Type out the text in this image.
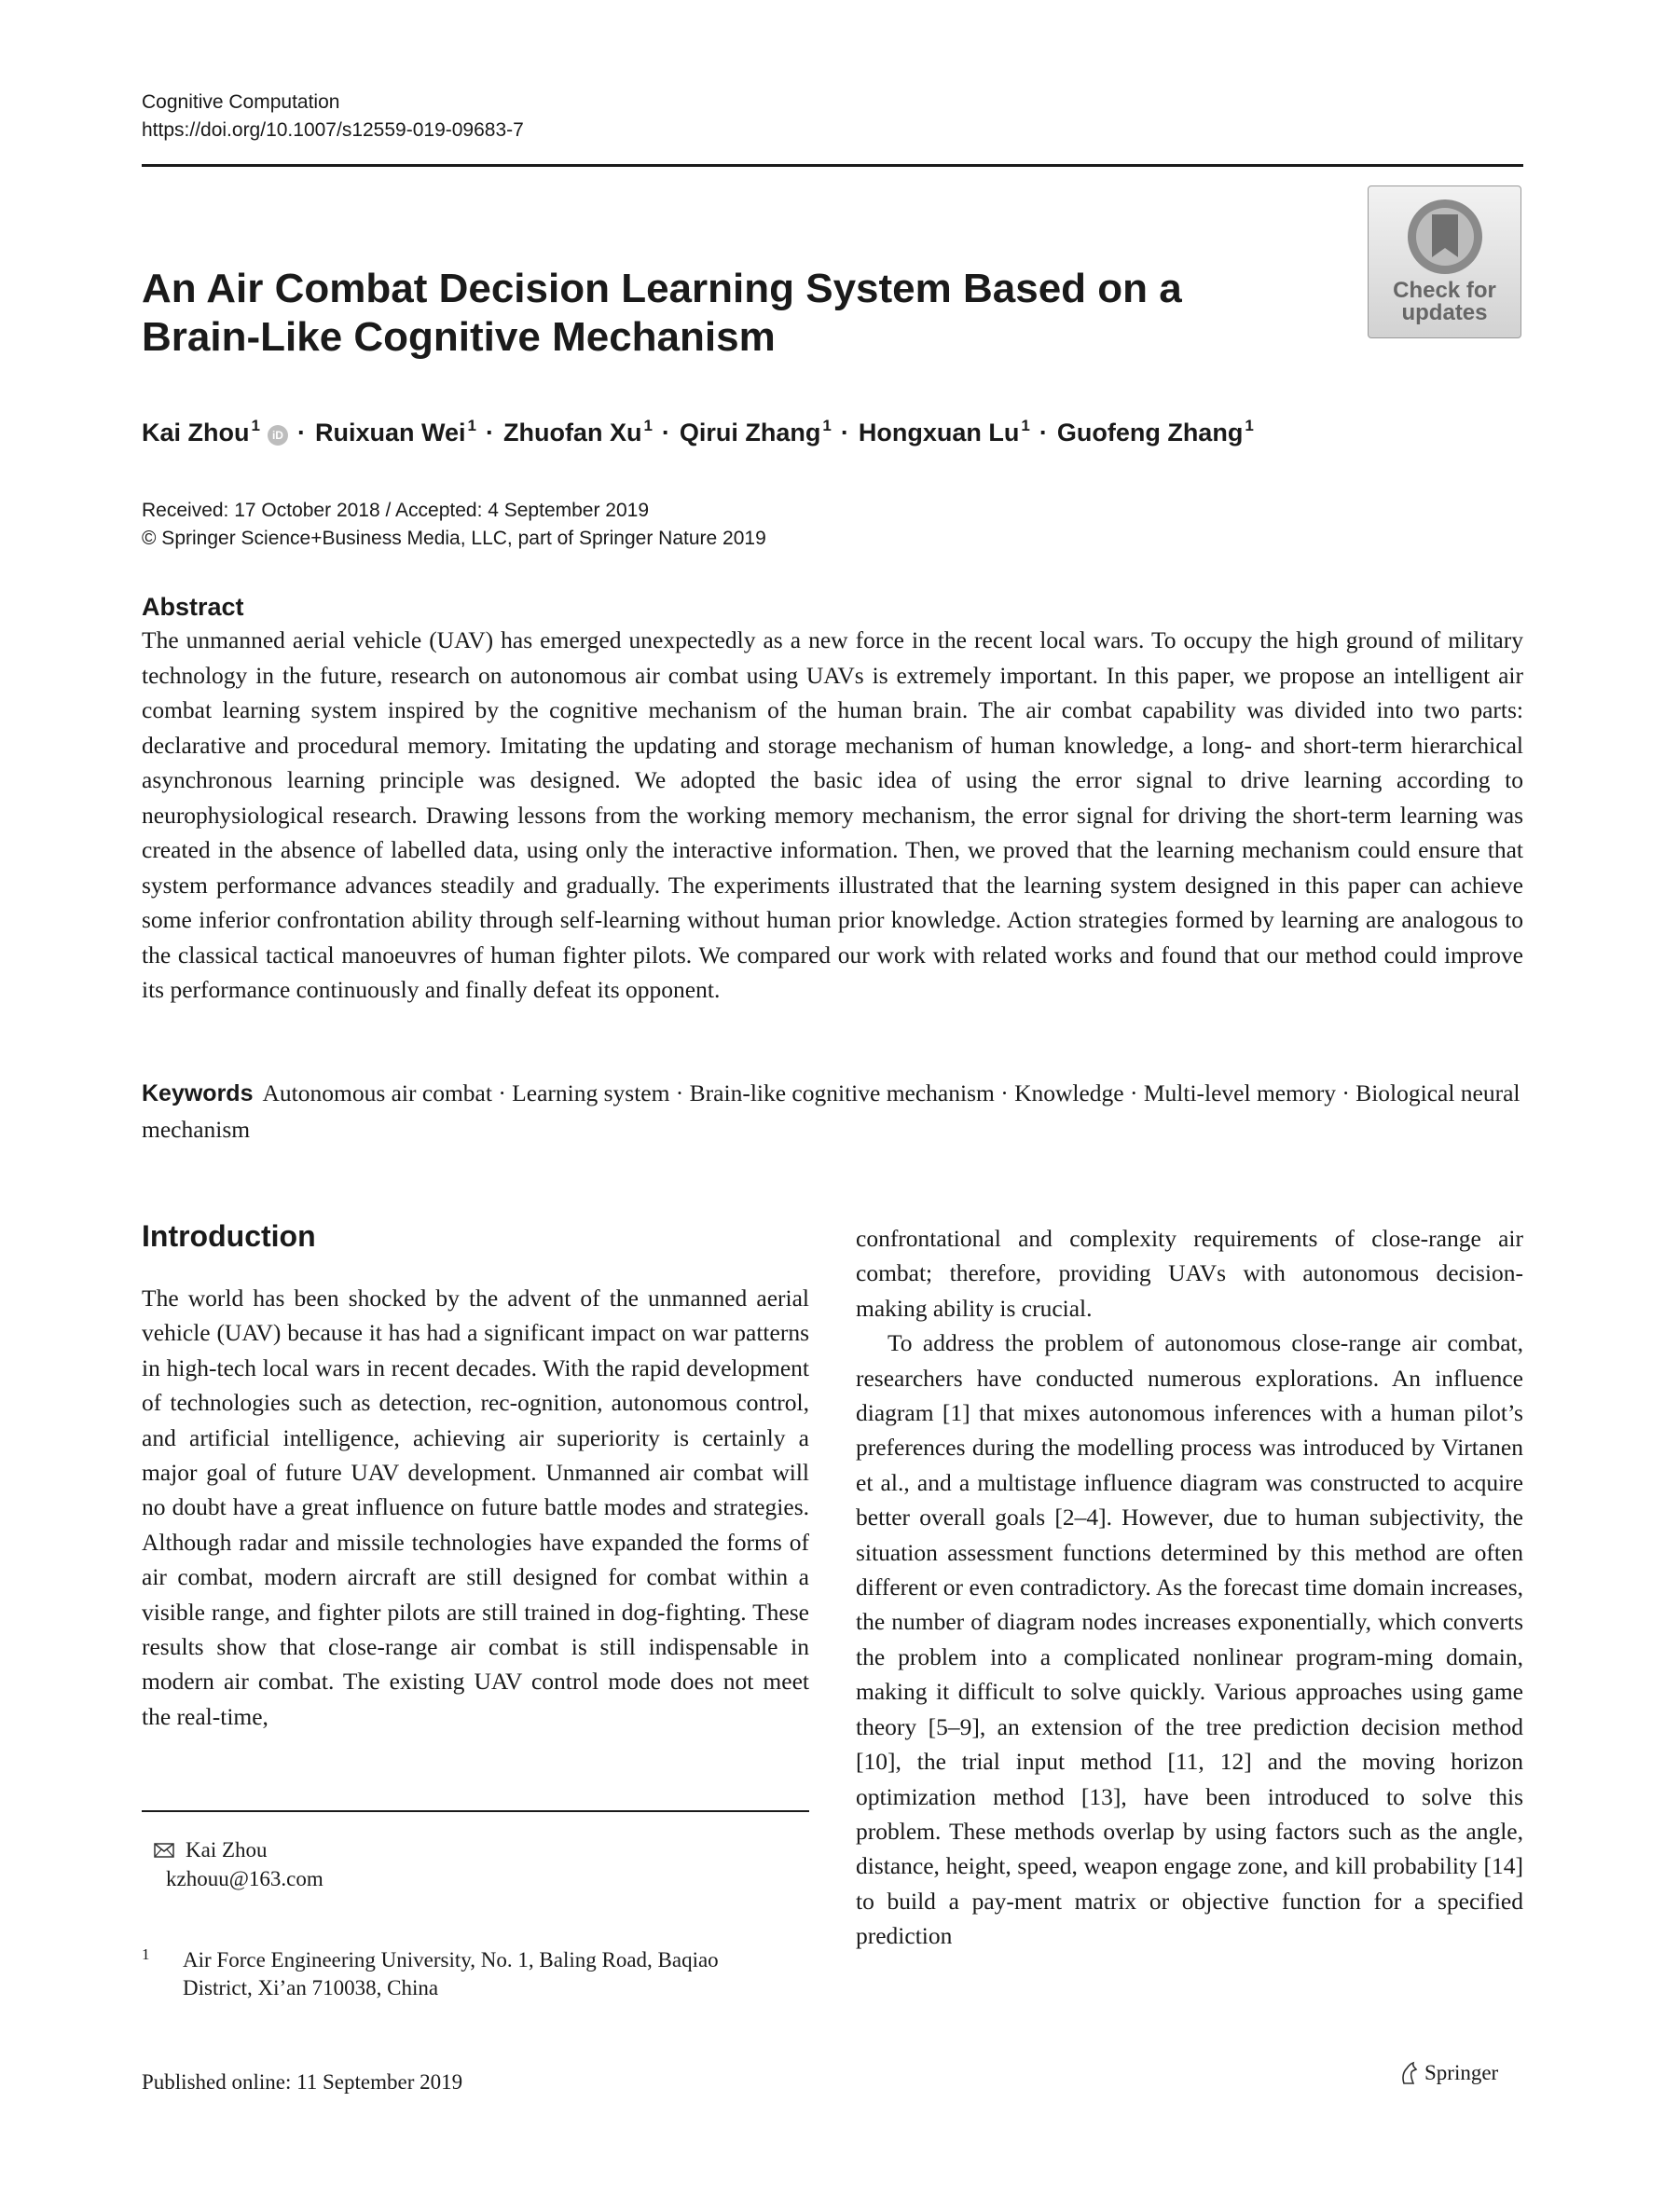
Cognitive Computation
https://doi.org/10.1007/s12559-019-09683-7
Check for
updates
An Air Combat Decision Learning System Based on a Brain-Like Cognitive Mechanism
Kai Zhou $^1$iD · Ruixuan Wei $^1$ · Zhuofan Xu $^1$ · Qirui Zhang $^1$ · Hongxuan Lu $^1$ · Guofeng Zhang $^1$
Received: 17 October 2018 / Accepted: 4 September 2019
© Springer Science+Business Media, LLC, part of Springer Nature 2019
Abstract
The unmanned aerial vehicle (UAV) has emerged unexpectedly as a new force in the recent local wars. To occupy the high ground of military technology in the future, research on autonomous air combat using UAVs is extremely important. In this paper, we propose an intelligent air combat learning system inspired by the cognitive mechanism of the human brain. The air combat capability was divided into two parts: declarative and procedural memory. Imitating the updating and storage mechanism of human knowledge, a long- and short-term hierarchical asynchronous learning principle was designed. We adopted the basic idea of using the error signal to drive learning according to neurophysiological research. Drawing lessons from the working memory mechanism, the error signal for driving the short-term learning was created in the absence of labelled data, using only the interactive information. Then, we proved that the learning mechanism could ensure that system performance advances steadily and gradually. The experiments illustrated that the learning system designed in this paper can achieve some inferior confrontation ability through self-learning without human prior knowledge. Action strategies formed by learning are analogous to the classical tactical manoeuvres of human fighter pilots. We compared our work with related works and found that our method could improve its performance continuously and finally defeat its opponent.
Keywords Autonomous air combat · Learning system · Brain-like cognitive mechanism · Knowledge · Multi-level memory · Biological neural mechanism
Introduction

The world has been shocked by the advent of the unmanned aerial vehicle (UAV) because it has had a significant impact on war patterns in high-tech local wars in recent decades. With the rapid development of technologies such as detection, rec-ognition, autonomous control, and artificial intelligence, achieving air superiority is certainly a major goal of future UAV development. Unmanned air combat will no doubt have a great influence on future battle modes and strategies. Although radar and missile technologies have expanded the forms of air combat, modern aircraft are still designed for combat within a visible range, and fighter pilots are still trained in dog-fighting. These results show that close-range air combat is still indispensable in modern air combat. The existing UAV control mode does not meet the real-time,

confrontational and complexity requirements of close-range air combat; therefore, providing UAVs with autonomous decision-making ability is crucial.

To address the problem of autonomous close-range air combat, researchers have conducted numerous explorations. An influence diagram [1] that mixes autonomous inferences with a human pilot’s preferences during the modelling process was introduced by Virtanen et al., and a multistage influence diagram was constructed to acquire better overall goals [2–4]. However, due to human subjectivity, the situation assessment functions determined by this method are often different or even contradictory. As the forecast time domain increases, the number of diagram nodes increases exponentially, which converts the problem into a complicated nonlinear program-ming domain, making it difficult to solve quickly. Various approaches using game theory [5–9], an extension of the tree prediction decision method [10], the trial input method [11, 12] and the moving horizon optimization method [13], have been introduced to solve this problem. These methods overlap by using factors such as the angle, distance, height, speed, weapon engage zone, and kill probability [14] to build a pay-ment matrix or objective function for a specified prediction

Kai Zhou
kzhouu@163.com
1 Air Force Engineering University, No. 1, Baling Road, Baqiao District, Xi’an 710038, China
Published online: 11 September 2019	Springer
